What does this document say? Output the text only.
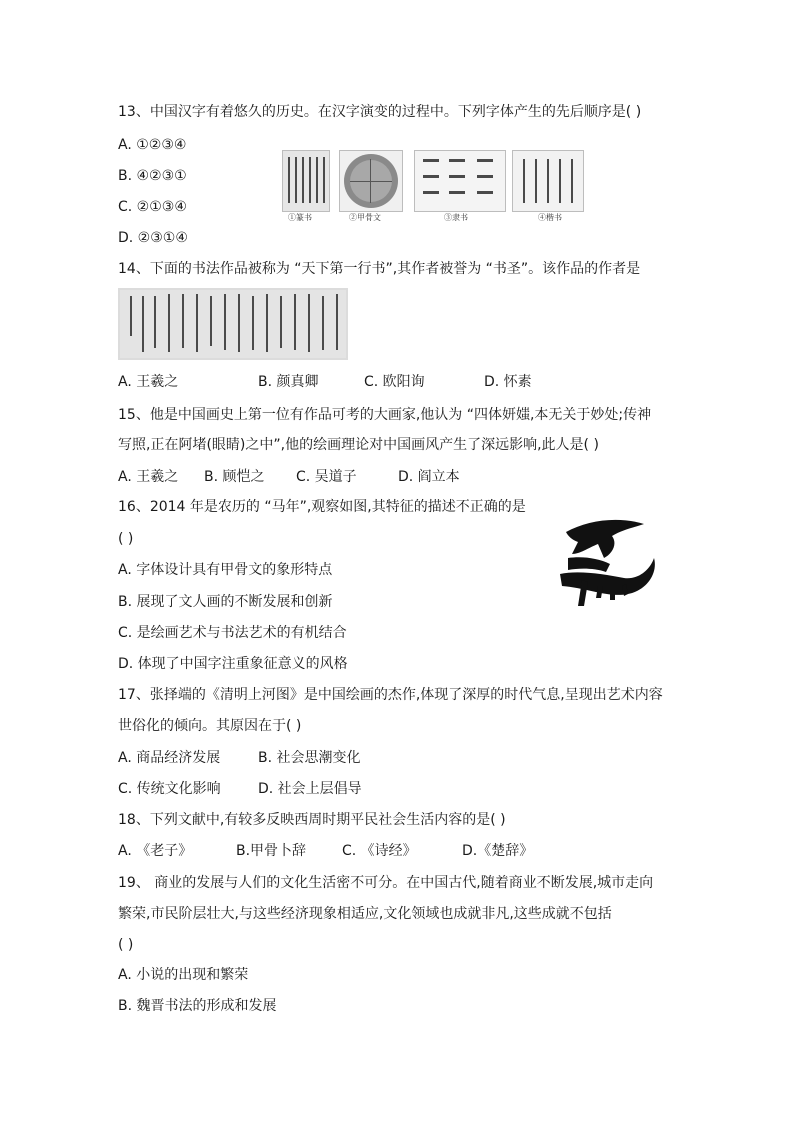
13、中国汉字有着悠久的历史。在汉字演变的过程中。下列字体产生的先后顺序是( )
A. ①②③④
B. ④②③①
C. ②①③④
D. ②③①④
①篆书	②甲骨文	③隶书	④楷书
14、下面的书法作品被称为 “天下第一行书”,其作者被誉为 “书圣”。该作品的作者是
A. 王羲之	B. 颜真卿	C. 欧阳询	D. 怀素
15、他是中国画史上第一位有作品可考的大画家,他认为 “四体妍媸,本无关于妙处;传神
写照,正在阿堵(眼睛)之中”,他的绘画理论对中国画风产生了深远影响,此人是( )
A. 王羲之 B. 顾恺之 C. 吴道子	D. 阎立本
16、2014 年是农历的 “马年”,观察如图,其特征的描述不正确的是
( )
A. 字体设计具有甲骨文的象形特点
B. 展现了文人画的不断发展和创新
C. 是绘画艺术与书法艺术的有机结合
D. 体现了中国字注重象征意义的风格
17、张择端的《清明上河图》是中国绘画的杰作,体现了深厚的时代气息,呈现出艺术内容
世俗化的倾向。其原因在于( )
A. 商品经济发展	B. 社会思潮变化
C. 传统文化影响	D. 社会上层倡导
18、下列文献中,有较多反映西周时期平民社会生活内容的是( )
A. 《老子》	B.甲骨卜辞	C. 《诗经》	D.《楚辞》
19、 商业的发展与人们的文化生活密不可分。在中国古代,随着商业不断发展,城市走向
繁荣,市民阶层壮大,与这些经济现象相适应,文化领域也成就非凡,这些成就不包括
( )
A. 小说的出现和繁荣
B. 魏晋书法的形成和发展
